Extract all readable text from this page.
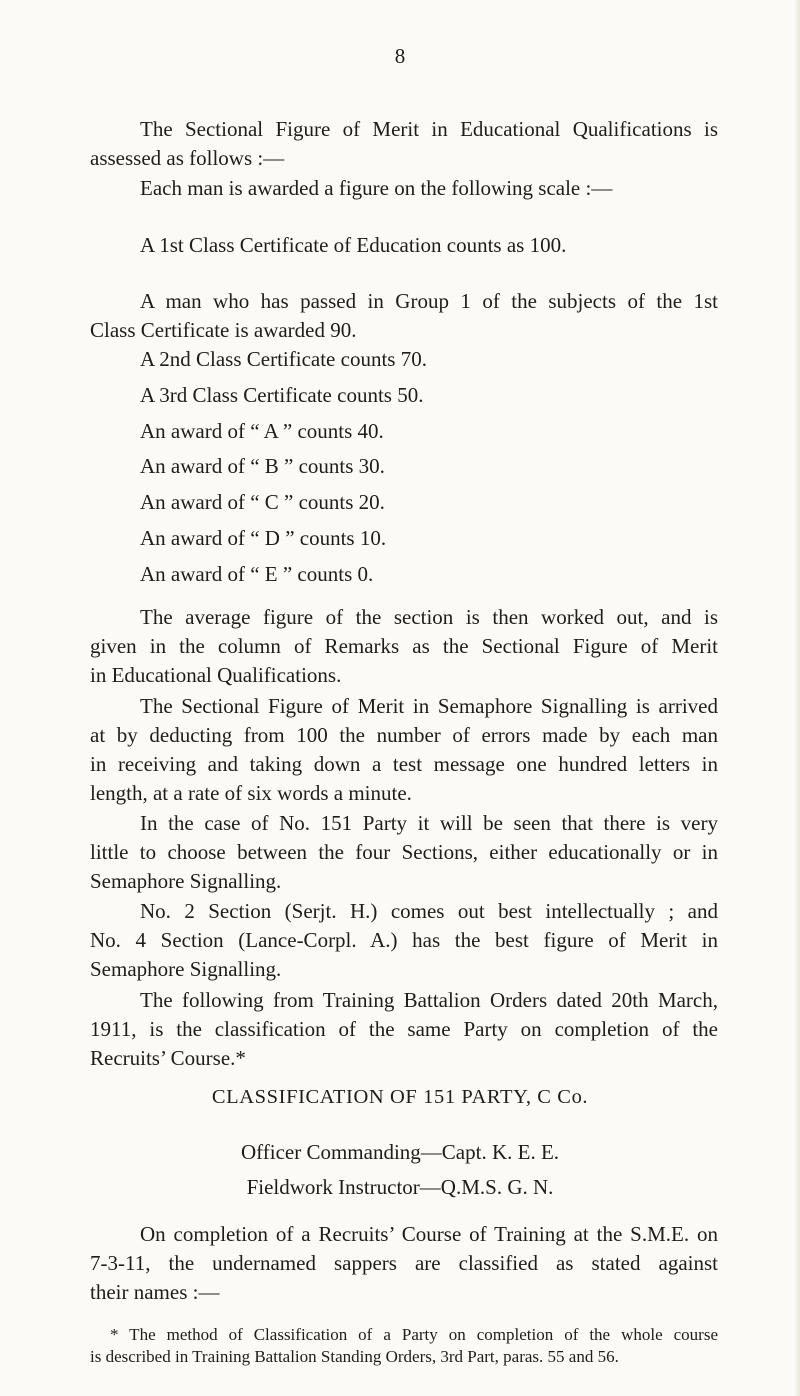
8
The Sectional Figure of Merit in Educational Qualifications is
assessed as follows :—
Each man is awarded a figure on the following scale :—
A 1st Class Certificate of Education counts as 100.
A man who has passed in Group 1 of the subjects of the 1st
Class Certificate is awarded 90.
A 2nd Class Certificate counts 70.
A 3rd Class Certificate counts 50.
An award of “ A ” counts 40.
An award of “ B ” counts 30.
An award of “ C ” counts 20.
An award of “ D ” counts 10.
An award of “ E ” counts 0.
The average figure of the section is then worked out, and is
given in the column of Remarks as the Sectional Figure of Merit
in Educational Qualifications.
The Sectional Figure of Merit in Semaphore Signalling is arrived
at by deducting from 100 the number of errors made by each man
in receiving and taking down a test message one hundred letters in
length, at a rate of six words a minute.
In the case of No. 151 Party it will be seen that there is very
little to choose between the four Sections, either educationally or in
Semaphore Signalling.
No. 2 Section (Serjt. H.) comes out best intellectually ; and
No. 4 Section (Lance-Corpl. A.) has the best figure of Merit in
Semaphore Signalling.
The following from Training Battalion Orders dated 20th March,
1911, is the classification of the same Party on completion of the
Recruits’ Course.*
CLASSIFICATION OF 151 PARTY, C Co.
Officer Commanding—Capt. K. E. E.
Fieldwork Instructor—Q.M.S. G. N.
On completion of a Recruits’ Course of Training at the S.M.E. on
7-3-11, the undernamed sappers are classified as stated against
their names :—
* The method of Classification of a Party on completion of the whole course
is described in Training Battalion Standing Orders, 3rd Part, paras. 55 and 56.
